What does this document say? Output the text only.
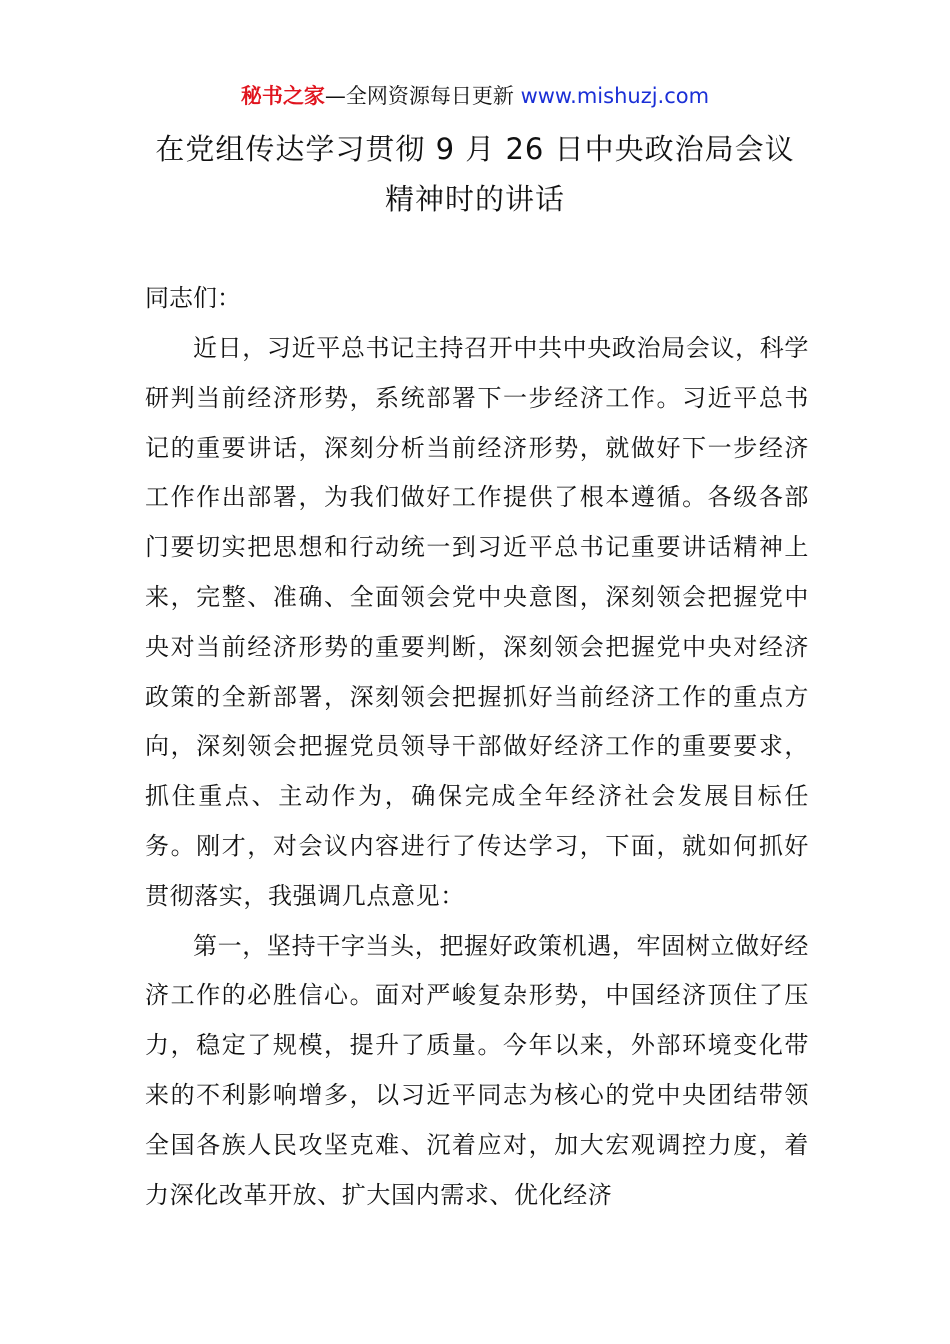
秘书之家—全网资源每日更新 www.mishuzj.com
在党组传达学习贯彻 9 月 26 日中央政治局会议
精神时的讲话
同志们：

近日，习近平总书记主持召开中共中央政治局会议，科学研判当前经济形势，系统部署下一步经济工作。习近平总书记的重要讲话，深刻分析当前经济形势，就做好下一步经济工作作出部署，为我们做好工作提供了根本遵循。各级各部门要切实把思想和行动统一到习近平总书记重要讲话精神上来，完整、准确、全面领会党中央意图，深刻领会把握党中央对当前经济形势的重要判断，深刻领会把握党中央对经济政策的全新部署，深刻领会把握抓好当前经济工作的重点方向，深刻领会把握党员领导干部做好经济工作的重要要求，抓住重点、主动作为，确保完成全年经济社会发展目标任务。刚才，对会议内容进行了传达学习，下面，就如何抓好贯彻落实，我强调几点意见：

第一，坚持干字当头，把握好政策机遇，牢固树立做好经济工作的必胜信心。面对严峻复杂形势，中国经济顶住了压力，稳定了规模，提升了质量。今年以来，外部环境变化带来的不利影响增多，以习近平同志为核心的党中央团结带领全国各族人民攻坚克难、沉着应对，加大宏观调控力度，着力深化改革开放、扩大国内需求、优化经济
